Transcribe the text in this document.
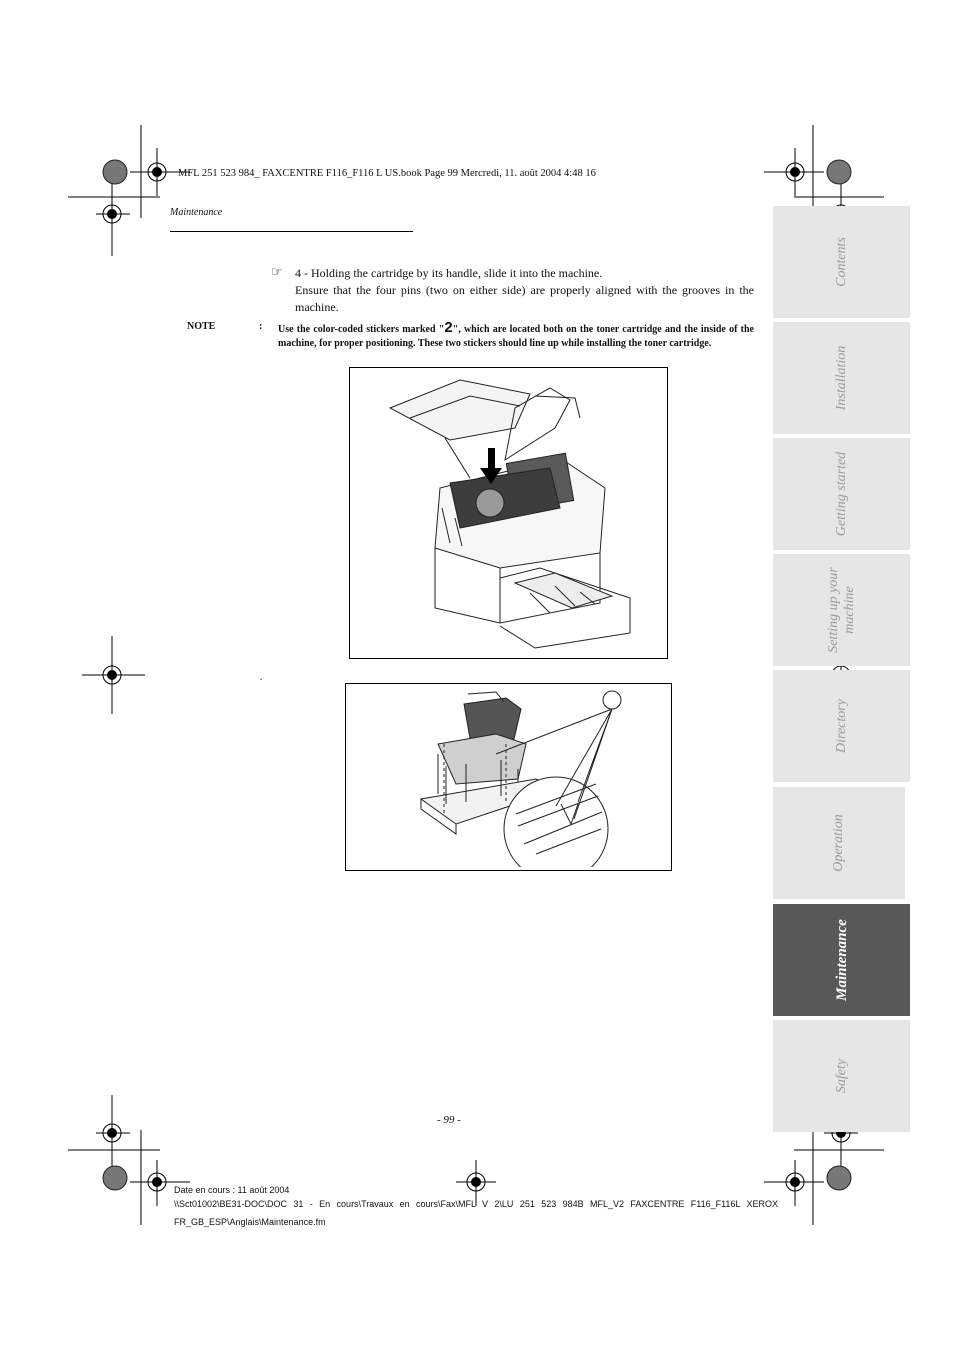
MFL 251 523 984_ FAXCENTRE F116_F116 L US.book Page 99 Mercredi, 11. août 2004 4:48 16
Maintenance
☞ 4 - Holding the cartridge by its handle, slide it into the machine.
Ensure that the four pins (two on either side) are properly aligned with the grooves in the machine.
NOTE	: Use the color-coded stickers marked "2", which are located both on the toner cartridge and the inside of the machine, for proper positioning. These two stickers should line up while installing the toner cartridge.
.
- 99 -
Date en cours : 11 août 2004
\\Sct01002\BE31-DOC\DOC 31 - En cours\Travaux en cours\Fax\MFL V 2\LU 251 523 984B MFL_V2 FAXCENTRE F116_F116L XEROX
FR_GB_ESP\Anglais\Maintenance.fm
Contents
Installation
Getting started
Setting up your machine
Directory
Operation
Maintenance
Safety
